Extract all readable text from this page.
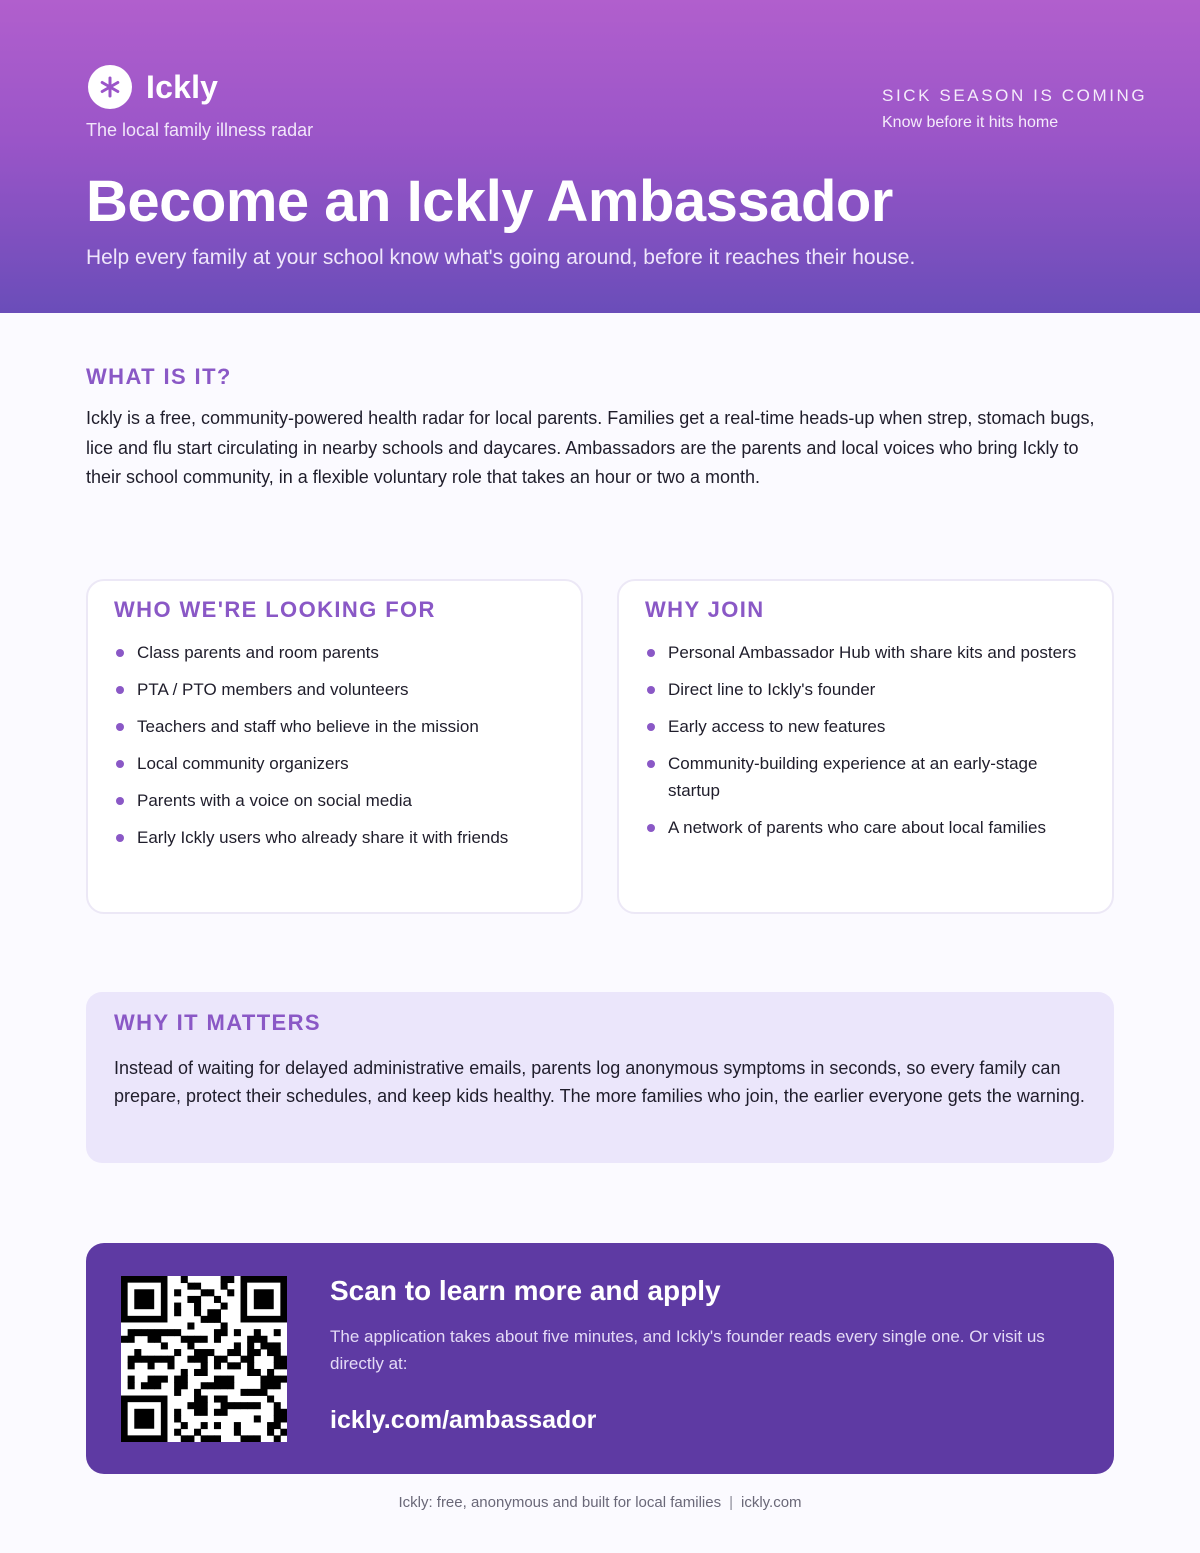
Ickly
The local family illness radar
SICK SEASON IS COMING
Know before it hits home
Become an Ickly Ambassador
Help every family at your school know what's going around, before it reaches their house.
WHAT IS IT?

Ickly is a free, community-powered health radar for local parents. Families get a real-time heads-up when strep, stomach bugs, lice and flu start circulating in nearby schools and daycares. Ambassadors are the parents and local voices who bring Ickly to their school community, in a flexible voluntary role that takes an hour or two a month.

WHO WE'RE LOOKING FOR
Class parents and room parents
PTA / PTO members and volunteers
Teachers and staff who believe in the mission
Local community organizers
Parents with a voice on social media
Early Ickly users who already share it with friends
WHY JOIN
Personal Ambassador Hub with share kits and posters
Direct line to Ickly's founder
Early access to new features
Community-building experience at an early-stage startup
A network of parents who care about local families
WHY IT MATTERS

Instead of waiting for delayed administrative emails, parents log anonymous symptoms in seconds, so every family can prepare, protect their schedules, and keep kids healthy. The more families who join, the earlier everyone gets the warning.

Scan to learn more and apply
The application takes about five minutes, and Ickly's founder reads every single one. Or visit us directly at:
ickly.com/ambassador
Ickly: free, anonymous and built for local families | ickly.com
